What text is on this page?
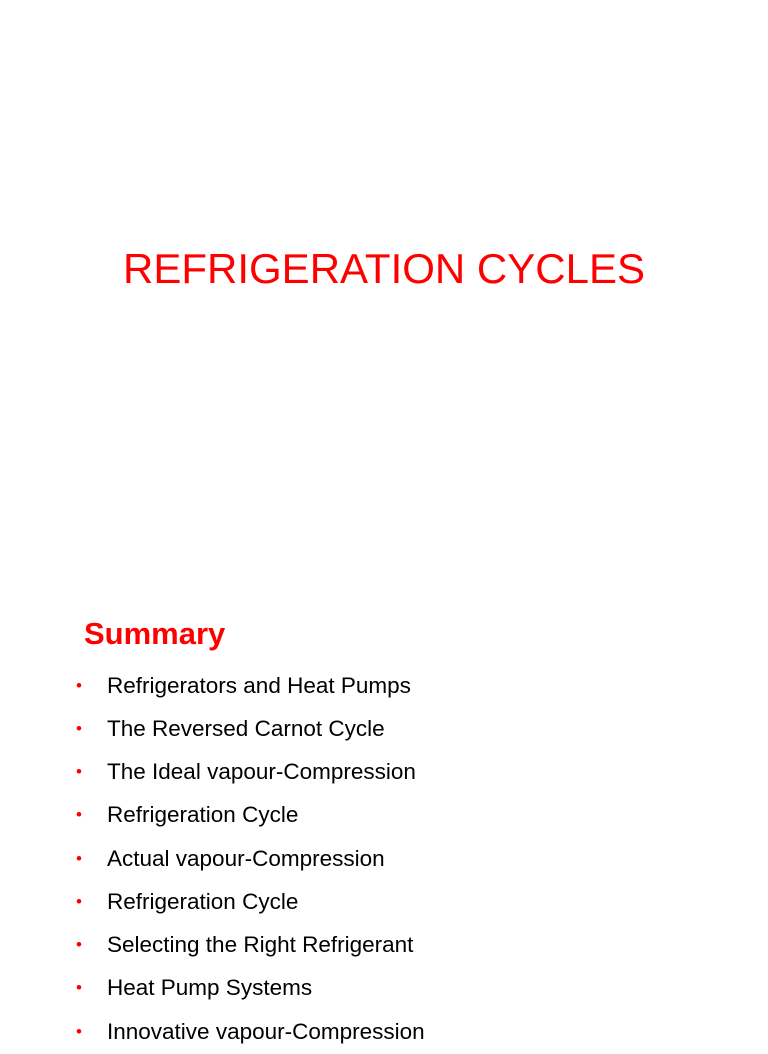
REFRIGERATION CYCLES
Summary
• Refrigerators and Heat Pumps
• The Reversed Carnot Cycle
• The Ideal vapour-Compression
• Refrigeration Cycle
• Actual vapour-Compression
• Refrigeration Cycle
• Selecting the Right Refrigerant
• Heat Pump Systems
• Innovative vapour-Compression
